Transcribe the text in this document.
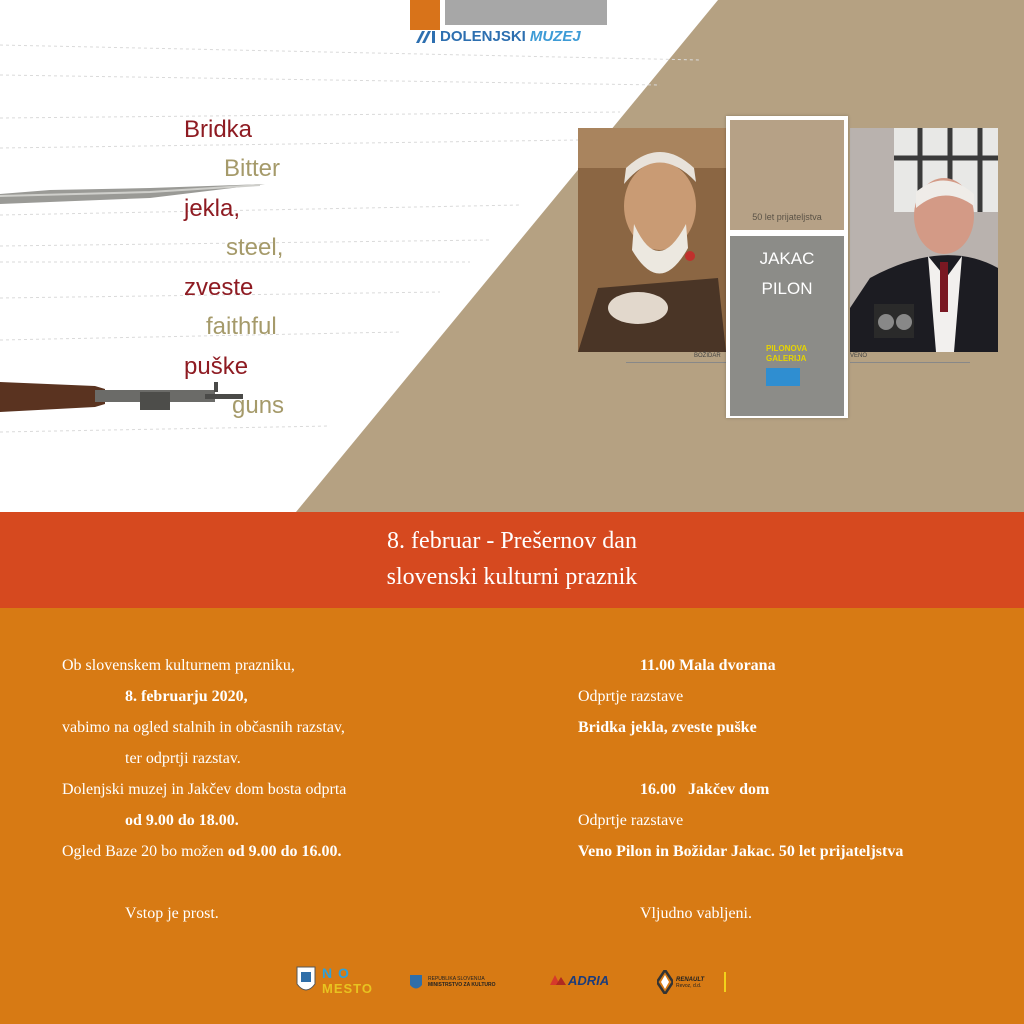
DOLENJSKI MUZEJ
Bridka
Bitter
jekla,
steel,
zveste
faithful
puške
guns
BOŽIDAR	VENO
50 let prijateljstva
JAKAC
PILON
PILONOVA
GALERIJA
8. februar - Prešernov dan
slovenski kulturni praznik
Ob slovenskem kulturnem prazniku,
8. februarju 2020,
vabimo na ogled stalnih in občasnih razstav,
ter odprtji razstav.
Dolenjski muzej in Jakčev dom bosta odprta
od 9.00 do 18.00.
Ogled Baze 20 bo možen od 9.00 do 16.00.
Vstop je prost.
11.00 Mala dvorana
Odprtje razstave
Bridka jekla, zveste puške
16.00   Jakčev dom
Odprtje razstave
Veno Pilon in Božidar Jakac. 50 let prijateljstva
Vljudno vabljeni.
N O
MESTO
REPUBLIKA SLOVENIJA
MINISTRSTVO ZA KULTURO	ADRIA	RENAULT
Revoz, d.d.
